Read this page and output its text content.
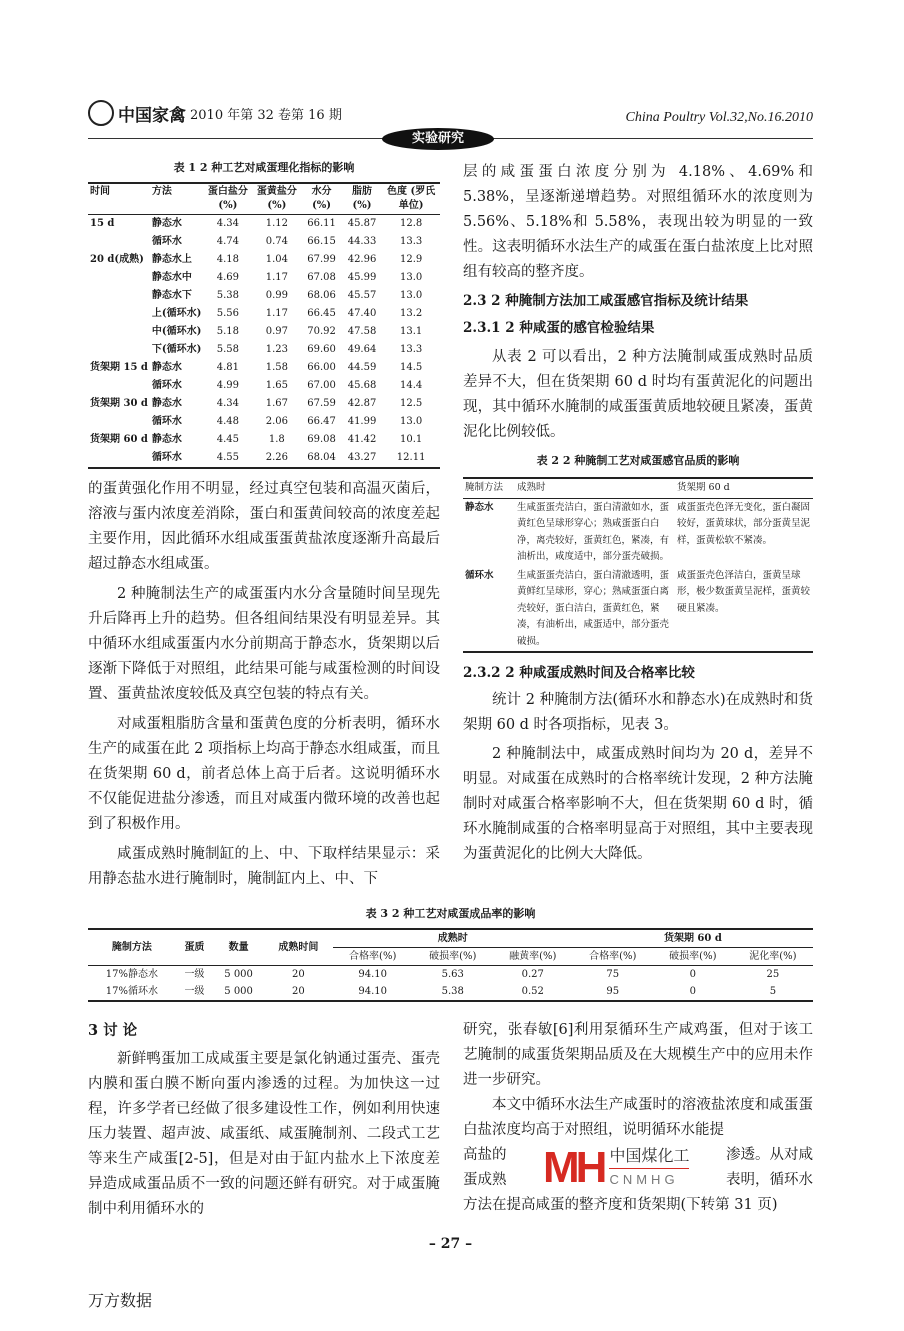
中国家禽 2010 年第 32 卷第 16 期	China Poultry Vol.32,No.16.2010
实验研究
表 1 2 种工艺对咸蛋理化指标的影响
时间	方法	蛋白盐分 (%)	蛋黄盐分 (%)	水分 (%)	脂肪 (%)	色度 (罗氏单位)
15 d	静态水	4.34	1.12	66.11	45.87	12.8
	循环水	4.74	0.74	66.15	44.33	13.3
20 d(成熟)	静态水上	4.18	1.04	67.99	42.96	12.9
	静态水中	4.69	1.17	67.08	45.99	13.0
	静态水下	5.38	0.99	68.06	45.57	13.0
	上(循环水)	5.56	1.17	66.45	47.40	13.2
	中(循环水)	5.18	0.97	70.92	47.58	13.1
	下(循环水)	5.58	1.23	69.60	49.64	13.3
货架期 15 d	静态水	4.81	1.58	66.00	44.59	14.5
	循环水	4.99	1.65	67.00	45.68	14.4
货架期 30 d	静态水	4.34	1.67	67.59	42.87	12.5
	循环水	4.48	2.06	66.47	41.99	13.0
货架期 60 d	静态水	4.45	1.8	69.08	41.42	10.1
	循环水	4.55	2.26	68.04	43.27	12.11

的蛋黄强化作用不明显，经过真空包装和高温灭菌后，溶液与蛋内浓度差消除，蛋白和蛋黄间较高的浓度差起主要作用，因此循环水组咸蛋蛋黄盐浓度逐渐升高最后超过静态水组咸蛋。

2 种腌制法生产的咸蛋蛋内水分含量随时间呈现先升后降再上升的趋势。但各组间结果没有明显差异。其中循环水组咸蛋蛋内水分前期高于静态水，货架期以后逐渐下降低于对照组，此结果可能与咸蛋检测的时间设置、蛋黄盐浓度较低及真空包装的特点有关。

对咸蛋粗脂肪含量和蛋黄色度的分析表明，循环水生产的咸蛋在此 2 项指标上均高于静态水组咸蛋，而且在货架期 60 d，前者总体上高于后者。这说明循环水不仅能促进盐分渗透，而且对咸蛋内微环境的改善也起到了积极作用。

咸蛋成熟时腌制缸的上、中、下取样结果显示：采用静态盐水进行腌制时，腌制缸内上、中、下

层的咸蛋蛋白浓度分别为 4.18%、4.69%和 5.38%，呈逐渐递增趋势。对照组循环水的浓度则为 5.56%、5.18%和 5.58%，表现出较为明显的一致性。这表明循环水法生产的咸蛋在蛋白盐浓度上比对照组有较高的整齐度。

2.3 2 种腌制方法加工咸蛋感官指标及统计结果

2.3.1 2 种咸蛋的感官检验结果

从表 2 可以看出，2 种方法腌制咸蛋成熟时品质差异不大，但在货架期 60 d 时均有蛋黄泥化的问题出现，其中循环水腌制的咸蛋蛋黄质地较硬且紧凑，蛋黄泥化比例较低。

表 2 2 种腌制工艺对咸蛋感官品质的影响
腌制方法	成熟时	货架期 60 d
静态水	生咸蛋蛋壳洁白，蛋白清澈如水，蛋黄红色呈球形穿心；熟咸蛋蛋白白净，离壳较好，蛋黄红色，紧凑，有油析出，咸度适中，部分蛋壳破损。	咸蛋蛋壳色泽无变化，蛋白凝固较好，蛋黄球状，部分蛋黄呈泥样，蛋黄松软不紧凑。
循环水	生咸蛋蛋壳洁白，蛋白清澈透明，蛋黄鲜红呈球形，穿心；熟咸蛋蛋白离壳较好，蛋白洁白，蛋黄红色，紧凑，有油析出，咸蛋适中，部分蛋壳破损。	咸蛋蛋壳色泽洁白，蛋黄呈球形，极少数蛋黄呈泥样，蛋黄较硬且紧凑。

2.3.2 2 种咸蛋成熟时间及合格率比较

统计 2 种腌制方法(循环水和静态水)在成熟时和货架期 60 d 时各项指标，见表 3。

2 种腌制法中，咸蛋成熟时间均为 20 d，差异不明显。对咸蛋在成熟时的合格率统计发现，2 种方法腌制时对咸蛋合格率影响不大，但在货架期 60 d 时，循环水腌制咸蛋的合格率明显高于对照组，其中主要表现为蛋黄泥化的比例大大降低。

表 3 2 种工艺对咸蛋成品率的影响
腌制方法	蛋质	数量	成熟时间	成熟时			货架期 60 d		
				合格率(%)	破损率(%)	融黄率(%)	合格率(%)	破损率(%)	泥化率(%)
17%静态水	一级	5 000	20	94.10	5.63	0.27	75	0	25
17%循环水	一级	5 000	20	94.10	5.38	0.52	95	0	5

3 讨 论

新鲜鸭蛋加工成咸蛋主要是氯化钠通过蛋壳、蛋壳内膜和蛋白膜不断向蛋内渗透的过程。为加快这一过程，许多学者已经做了很多建设性工作，例如利用快速压力装置、超声波、咸蛋纸、咸蛋腌制剂、二段式工艺等来生产咸蛋[2-5]，但是对由于缸内盐水上下浓度差异造成咸蛋品质不一致的问题还鲜有研究。对于咸蛋腌制中利用循环水的

研究，张春敏[6]利用泵循环生产咸鸡蛋，但对于该工艺腌制的咸蛋货架期品质及在大规模生产中的应用未作进一步研究。

本文中循环水法生产咸蛋时的溶液盐浓度和咸蛋蛋白盐浓度均高于对照组，说明循环水能提

高盐的
蛋成熟 MH 中国煤化工
CNMHG
渗透。从对咸
表明，循环水
方法在提高咸蛋的整齐度和货架期(下转第 31 页)
– 27 –
万方数据
